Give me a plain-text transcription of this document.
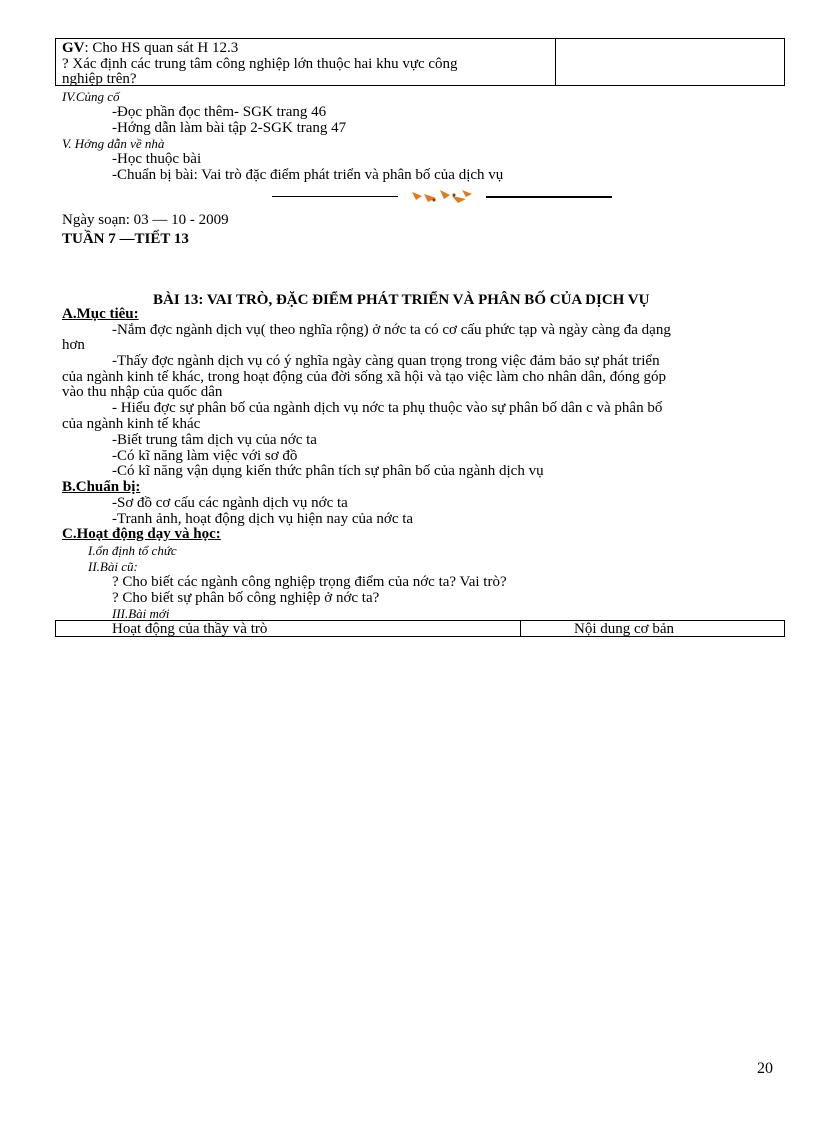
GV: Cho HS quan sát H 12.3
? Xác định các trung tâm công nghiệp lớn thuộc hai khu vực công
nghiệp trên?
IV.Củng cố
-Đọc phần đọc thêm- SGK trang 46
-Hớng dẫn làm bài tập 2-SGK trang 47
V. Hớng dẫn về nhà
-Học thuộc bài
-Chuẩn bị bài: Vai trò đặc điểm phát triển và phân bố của dịch vụ
Ngày soạn: 03 — 10 - 2009
TUẦN 7 —TIẾT 13
BÀI 13: VAI TRÒ, ĐẶC ĐIỂM PHÁT TRIỂN VÀ PHÂN BỐ CỦA DỊCH VỤ
A.Mục tiêu:
-Nắm đợc ngành dịch vụ( theo nghĩa rộng) ở nớc ta có cơ cấu phức tạp và ngày càng đa dạng
hơn
-Thấy đợc ngành dịch vụ có ý nghĩa ngày càng quan trọng trong việc đảm bảo sự phát triển
của ngành kinh tế khác, trong hoạt động của đời sống xã hội và tạo việc làm cho nhân dân, đóng góp
vào thu nhập của quốc dân
- Hiểu đợc sự phân bố của ngành dịch vụ nớc ta phụ thuộc vào sự phân bố dân c và phân bố
của ngành kinh tế khác
-Biết trung tâm dịch vụ của nớc ta
-Có kĩ năng làm việc với sơ đồ
-Có kĩ năng vận dụng kiến thức phân tích sự phân bố của ngành dịch vụ
B.Chuẩn bị:
-Sơ đồ cơ cấu các ngành dịch vụ nớc ta
-Tranh ảnh, hoạt động dịch vụ hiện nay của nớc ta
C.Hoạt động dạy và học:
I.ổn định tổ chức
II.Bài cũ:
? Cho biết các ngành công nghiệp trọng điểm của nớc ta? Vai trò?
? Cho biết sự phân bố công nghiệp ở nớc ta?
III.Bài mới
Hoạt động của thầy và trò	Nội dung cơ bản
20
